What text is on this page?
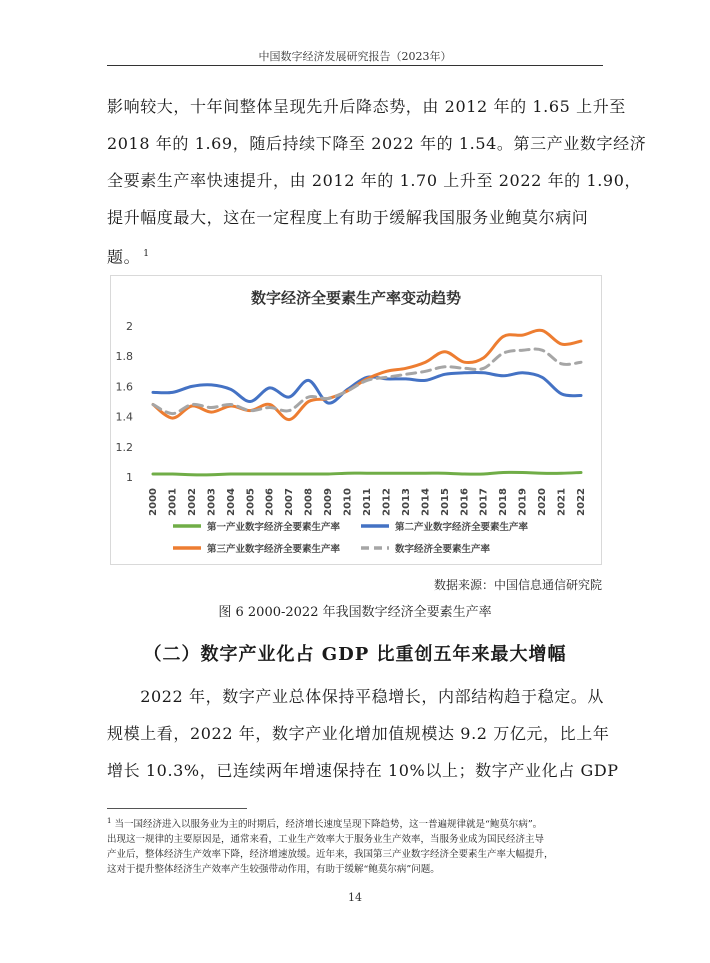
中国数字经济发展研究报告（2023年）
影响较大，十年间整体呈现先升后降态势，由 2012 年的 1.65 上升至
2018 年的 1.69，随后持续下降至 2022 年的 1.54。第三产业数字经济
全要素生产率快速提升，由 2012 年的 1.70 上升至 2022 年的 1.90，
提升幅度最大，这在一定程度上有助于缓解我国服务业鲍莫尔病问
题。 $^1$
数字经济全要素生产率变动趋势
2
1.8
1.6
1.4
1.2
1
2000 2001 2002 2003 2004 2005 2006 2007 2008 2009 2010 2011 2012 2013 2014 2015 2016 2017 2018 2019 2020 2021 2022
第一产业数字经济全要素生产率	第二产业数字经济全要素生产率
第三产业数字经济全要素生产率	数字经济全要素生产率
数据来源：中国信息通信研究院
图 6 2000-2022 年我国数字经济全要素生产率
（二）数字产业化占 GDP 比重创五年来最大增幅
　　2022 年，数字产业总体保持平稳增长，内部结构趋于稳定。从
规模上看，2022 年，数字产业化增加值规模达 9.2 万亿元，比上年
增长 10.3%，已连续两年增速保持在 10%以上；数字产业化占 GDP
$^1$ 当一国经济进入以服务业为主的时期后，经济增长速度呈现下降趋势，这一普遍规律就是“鲍莫尔病”。
出现这一规律的主要原因是，通常来看，工业生产效率大于服务业生产效率，当服务业成为国民经济主导
产业后，整体经济生产效率下降，经济增速放缓。近年来，我国第三产业数字经济全要素生产率大幅提升，
这对于提升整体经济生产效率产生较强带动作用，有助于缓解“鲍莫尔病”问题。
14
